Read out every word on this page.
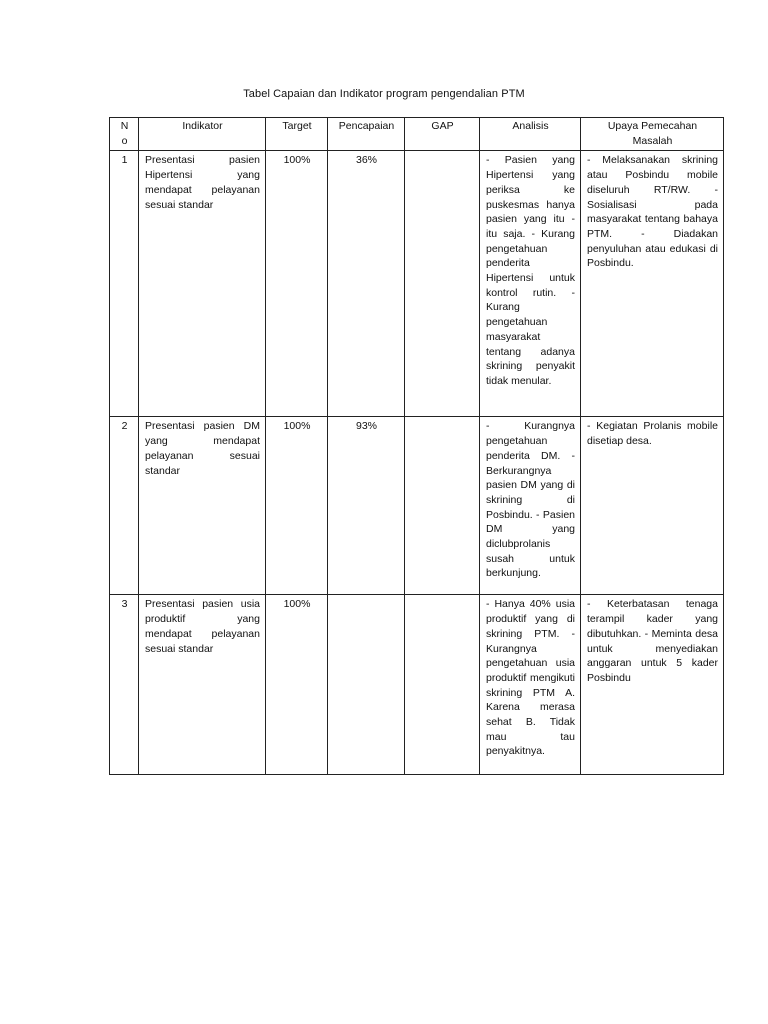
Tabel Capaian dan Indikator program pengendalian PTM
N o	Indikator	Target	Pencapaian	GAP	Analisis	Upaya Pemecahan Masalah
1	Presentasi pasien Hipertensi yang mendapat pelayanan sesuai standar	100%	36%		- Pasien yang Hipertensi yang periksa ke puskesmas hanya pasien yang itu - itu saja. - Kurang pengetahuan penderita Hipertensi untuk kontrol rutin. - Kurang pengetahuan masyarakat tentang adanya skrining penyakit tidak menular.	- Melaksanakan skrining atau Posbindu mobile diseluruh RT/RW. - Sosialisasi pada masyarakat tentang bahaya PTM. - Diadakan penyuluhan atau edukasi di Posbindu.
2	Presentasi pasien DM yang mendapat pelayanan sesuai standar	100%	93%		- Kurangnya pengetahuan penderita DM. - Berkurangnya pasien DM yang di skrining di Posbindu. - Pasien DM yang diclubprolanis susah untuk berkunjung.	- Kegiatan Prolanis mobile disetiap desa.
3	Presentasi pasien usia produktif yang mendapat pelayanan sesuai standar	100%			- Hanya 40% usia produktif yang di skrining PTM. - Kurangnya pengetahuan usia produktif mengikuti skrining PTM A. Karena merasa sehat B. Tidak mau tau penyakitnya.	- Keterbatasan tenaga terampil kader yang dibutuhkan. - Meminta desa untuk menyediakan anggaran untuk 5 kader Posbindu
